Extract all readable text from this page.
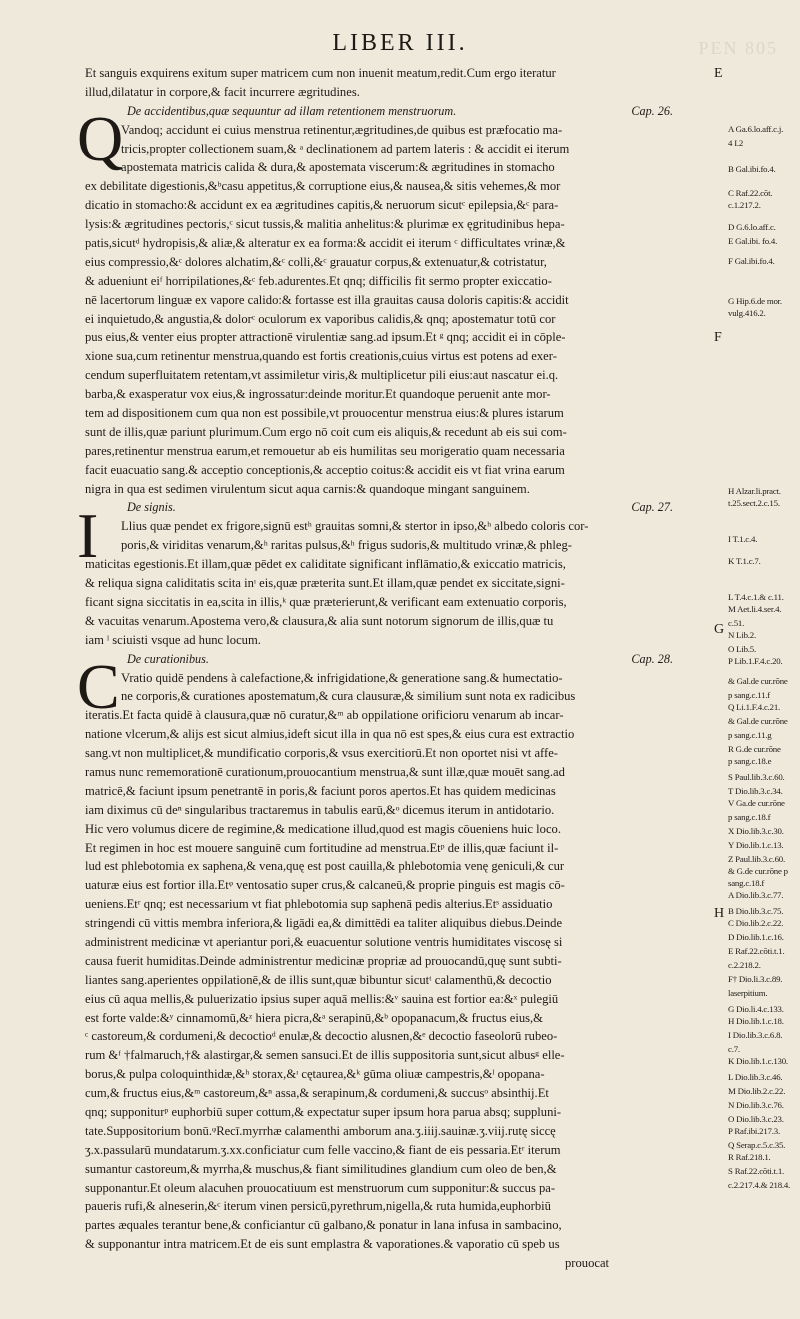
LIBER III.	PEN 805
Et sanguis exquirens exitum super matricem cum non inuenit meatum,redit.Cum ergo iteratur
illud,dilatatur in corpore,& facit incurrere ægritudines.
De accidentibus,quæ sequuntur ad illam retentionem menstruorum.	Cap. 26.
Vandoq; accidunt ei cuius menstrua retinentur,ægritudines,de quibus est præfocatio ma-
Q
tricis,propter collectionem suam,& ᵃ declinationem ad partem lateris : & accidit ei iterum
apostemata matricis calida & dura,& apostemata viscerum:& ægritudines in stomacho
ex debilitate digestionis,&ᵇcasu appetitus,& corruptione eius,& nausea,& sitis vehemes,& mor
dicatio in stomacho:& accidunt ex ea ægritudines capitis,& neruorum sicutᶜ epilepsia,&ᶜ para-
lysis:& ægritudines pectoris,ᶜ sicut tussis,& malitia anhelitus:& plurimæ ex ęgritudinibus hepa-
patis,sicutᵈ hydropisis,& aliæ,& alteratur ex ea forma:& accidit ei iterum ᶜ difficultates vrinæ,&
eius compressio,&ᶜ dolores alchatim,&ᶜ colli,&ᶜ grauatur corpus,& extenuatur,& cotristatur,
& adueniunt eiᶠ horripilationes,&ᶜ feb.adurentes.Et qnq; difficilis fit sermo propter exiccatio-
nē lacertorum linguæ ex vapore calido:& fortasse est illa grauitas causa doloris capitis:& accidit
ei inquietudo,& angustia,& dolorᶜ oculorum ex vaporibus calidis,& qnq; apostematur totū cor
pus eius,& venter eius propter attractionē virulentiæ sang.ad ipsum.Et ᵍ qnq; accidit ei in cōple-
xione sua,cum retinentur menstrua,quando est fortis creationis,cuius virtus est potens ad exer-
cendum superfluitatem retentam,vt assimiletur viris,& multiplicetur pili eius:aut nascatur ei.q.
barba,& exasperatur vox eius,& ingrossatur:deinde moritur.Et quandoque peruenit ante mor-
tem ad dispositionem cum qua non est possibile,vt prouocentur menstrua eius:& plures istarum
sunt de illis,quæ pariunt plurimum.Cum ergo nō coit cum eis aliquis,& recedunt ab eis sui com-
pares,retinentur menstrua earum,et remouetur ab eis humilitas seu morigeratio quam necessaria
facit euacuatio sang.& acceptio conceptionis,& acceptio coitus:& accidit eis vt fiat vrina earum
nigra in qua est sedimen virulentum sicut aqua carnis:& quandoque mingant sanguinem.
De signis.	Cap. 27.
Llius quæ pendet ex frigore,signū estʰ grauitas somni,& stertor in ipso,&ʰ albedo coloris cor-
I	poris,& viriditas venarum,&ʰ raritas pulsus,&ʰ frigus sudoris,& multitudo vrinæ,& phleg-
maticitas egestionis.Et illam,quæ pēdet ex caliditate significant inflāmatio,& exiccatio matricis,
& reliqua signa caliditatis scita inᶦ eis,quæ præterita sunt.Et illam,quæ pendet ex siccitate,signi-
ficant signa siccitatis in ea,scita in illis,ᵏ quæ præterierunt,& verificant eam extenuatio corporis,
& vacuitas venarum.Apostema vero,& clausura,& alia sunt notorum signorum de illis,quæ tu
iam ˡ sciuisti vsque ad hunc locum.
De curationibus.	Cap. 28.
Vratio quidē pendens à calefactione,& infrigidatione,& generatione sang.& humectatio-
C ne corporis,& curationes apostematum,& cura clausuræ,& similium sunt nota ex radicibus
iteratis.Et facta quidē à clausura,quæ nō curatur,&ᵐ ab oppilatione orificioru venarum ab incar-
natione vlcerum,& alijs est sicut almius,ideft sicut illa in qua nō est spes,& eius cura est extractio
sang.vt non multiplicet,& mundificatio corporis,& vsus exercitiorū.Et non oportet nisi vt affe-
ramus nunc rememorationē curationum,prouocantium menstrua,& sunt illæ,quæ mouēt sang.ad
matricē,& faciunt ipsum penetrantē in poris,& faciunt poros apertos.Et has quidem medicinas
iam diximus cū deⁿ singularibus tractaremus in tabulis earū,&ᵒ dicemus iterum in antidotario.
Hic vero volumus dicere de regimine,& medicatione illud,quod est magis cōueniens huic loco.
Et regimen in hoc est mouere sanguinē cum fortitudine ad menstrua.Etᵖ de illis,quæ faciunt il-
lud est phlebotomia ex saphena,& vena,quę est post cauilla,& phlebotomia venę geniculi,& cur
uaturæ eius est fortior illa.Etᵠ ventosatio super crus,& calcaneū,& proprie pinguis est magis cō-
ueniens.Etʳ qnq; est necessarium vt fiat phlebotomia sup saphenā pedis alterius.Etˢ assiduatio
stringendi cū vittis membra inferiora,& ligādi ea,& dimittēdi ea taliter aliquibus diebus.Deinde
administrent medicinæ vt aperiantur pori,& euacuentur solutione ventris humiditates viscosę si
causa fuerit humiditas.Deinde administrentur medicinæ propriæ ad prouocandū,quę sunt subti-
liantes sang.aperientes oppilationē,& de illis sunt,quæ bibuntur sicutᵗ calamenthū,& decoctio
eius cū aqua mellis,& puluerizatio ipsius super aquā mellis:&ᵛ sauina est fortior ea:&ˣ pulegiū
est forte valde:&ʸ cinnamomū,&ᶻ hiera picra,&ᵃ serapinū,&ᵇ opopanacum,& fructus eius,&
ᶜ castoreum,& cordumeni,& decoctioᵈ enulæ,& decoctio alusnen,&ᵉ decoctio faseolorū rubeo-
rum &ᶠ †falmaruch,†& alastirgar,& semen sansuci.Et de illis suppositoria sunt,sicut albusᵍ elle-
borus,& pulpa coloquinthidæ,&ʰ storax,&ᶦ cętaurea,&ᵏ gūma oliuæ campestris,&ˡ opopana-
cum,& fructus eius,&ᵐ castoreum,&ⁿ assa,& serapinum,& cordumeni,& succusᵒ absinthij.Et
qnq; supponiturᵖ euphorbiū super cottum,& expectatur super ipsum hora parua absq; suppluni-
tate.Suppositorium bonū.ᵠRecī.myrrhæ calamenthi amborum ana.ʒ.iiij.sauinæ.ʒ.viij.rutę siccę
ʒ.x.passularū mundatarum.ʒ.xx.conficiatur cum felle vaccino,& fiant de eis pessaria.Etʳ iterum
sumantur castoreum,& myrrha,& muschus,& fiant similitudines glandium cum oleo de ben,&
supponantur.Et oleum alacuhen prouocatiuum est menstruorum cum supponitur:& succus pa-
paueris rufi,& alneserin,&ᶜ iterum vinen persicū,pyrethrum,nigella,& ruta humida,euphorbiū
partes æquales terantur bene,& conficiantur cū galbano,& ponatur in lana infusa in sambacino,
& supponantur intra matricem.Et de eis sunt emplastra & vaporationes.& vaporatio cū speb us
prouocat
A Ga.6.lo.aff.c.j.
4 I.2
B Gal.ibi.fo.4.
C Raf.22.cōt.
c.1.217.2.
D G.6.lo.aff.c.
E Gal.ibi. fo.4.
F Gal.ibi.fo.4.
G Hip.6.de mor.
vulg.416.2.
H Alzar.li.pract.
t.25.sect.2.c.15.
I T.1.c.4.
K T.1.c.7.
L T.4.c.1.& c.11.
M Aet.li.4.ser.4.
c.51.
N Lib.2.
O Lib.5.
P Lib.1.F.4.c.20.
& Gal.de cur.rōne
p sang.c.11.f
Q Li.1.F.4.c.21.
& Gal.de cur.rōne
p sang.c.11.g
R G.de cur.rōne
p sang.c.18.e
S Paul.lib.3.c.60.
T Dio.lib.3.c.34.
V Ga.de cur.rōne
p sang.c.18.f
X Dio.lib.3.c.30.
Y Dio.lib.1.c.13.
Z Paul.lib.3.c.60.
& G.de cur.rōne p
sang.c.18.f
A Dio.lib.3.c.77.
B Dio.lib.3.c.75.
C Dio.lib.2.c.22.
D Dio.lib.1.c.16.
E Raf.22.cōti.t.1.
c.2.218.2.
F† Dio.li.3.c.89.
laserpitium.
G Dio.li.4.c.133.
H Dio.lib.1.c.18.
I Dio.lib.3.c.6.8.
c.7.
K Dio.lib.1.c.130.
L Dio.lib.3.c.46.
M Dio.lib.2.c.22.
N Dio.lib.3.c.76.
O Dio.lib.3.c.23.
P Raf.ibi.217.3.
Q Serap.c.5.c.35.
R Raf.218.1.
S Raf.22.cōti.t.1.
c.2.217.4.& 218.4.
E
F
G
H
